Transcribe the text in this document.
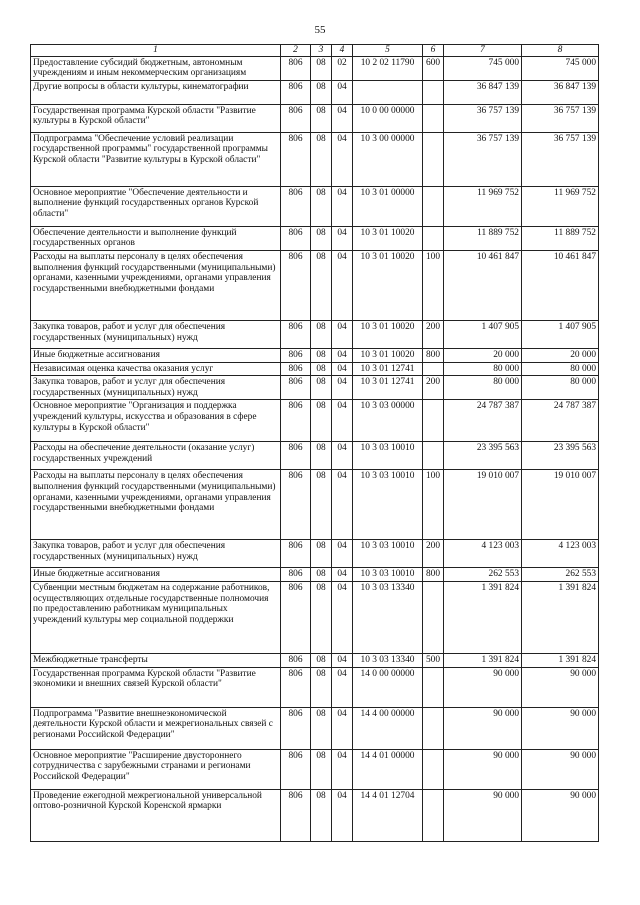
55
1	2	3	4	5	6	7	8
Предоставление субсидий бюджетным, автономным учреждениям и иным некоммерческим организациям	806	08	02	10 2 02 11790	600	745 000	745 000
Другие вопросы в области культуры, кинематографии	806	08	04			36 847 139	36 847 139
Государственная программа Курской области "Развитие культуры в Курской области"	806	08	04	10 0 00 00000		36 757 139	36 757 139
Подпрограмма "Обеспечение условий реализации государственной программы" государственной программы Курской области "Развитие культуры в Курской области"	806	08	04	10 3 00 00000		36 757 139	36 757 139
Основное мероприятие "Обеспечение деятельности и выполнение функций государственных органов Курской области"	806	08	04	10 3 01 00000		11 969 752	11 969 752
Обеспечение деятельности и выполнение функций государственных органов	806	08	04	10 3 01 10020		11 889 752	11 889 752
Расходы на выплаты персоналу в целях обеспечения выполнения функций государственными (муниципальными) органами, казенными учреждениями, органами управления государственными внебюджетными фондами	806	08	04	10 3 01 10020	100	10 461 847	10 461 847
Закупка товаров, работ и услуг для обеспечения государственных (муниципальных) нужд	806	08	04	10 3 01 10020	200	1 407 905	1 407 905
Иные бюджетные ассигнования	806	08	04	10 3 01 10020	800	20 000	20 000
Независимая оценка качества оказания услуг	806	08	04	10 3 01 12741		80 000	80 000
Закупка товаров, работ и услуг для обеспечения государственных (муниципальных) нужд	806	08	04	10 3 01 12741	200	80 000	80 000
Основное мероприятие "Организация и поддержка учреждений культуры, искусства и образования в сфере культуры в Курской области"	806	08	04	10 3 03 00000		24 787 387	24 787 387
Расходы на обеспечение деятельности (оказание услуг) государственных учреждений	806	08	04	10 3 03 10010		23 395 563	23 395 563
Расходы на выплаты персоналу в целях обеспечения выполнения функций государственными (муниципальными) органами, казенными учреждениями, органами управления государственными внебюджетными фондами	806	08	04	10 3 03 10010	100	19 010 007	19 010 007
Закупка товаров, работ и услуг для обеспечения государственных (муниципальных) нужд	806	08	04	10 3 03 10010	200	4 123 003	4 123 003
Иные бюджетные ассигнования	806	08	04	10 3 03 10010	800	262 553	262 553
Субвенции местным бюджетам на содержание работников, осуществляющих отдельные государственные полномочия по предоставлению работникам муниципальных учреждений культуры мер социальной поддержки	806	08	04	10 3 03 13340		1 391 824	1 391 824
Межбюджетные трансферты	806	08	04	10 3 03 13340	500	1 391 824	1 391 824
Государственная программа Курской области "Развитие экономики и внешних связей Курской области"	806	08	04	14 0 00 00000		90 000	90 000
Подпрограмма "Развитие внешнеэкономической деятельности Курской области и межрегиональных связей с регионами Российской Федерации"	806	08	04	14 4 00 00000		90 000	90 000
Основное мероприятие "Расширение двустороннего сотрудничества с зарубежными странами и регионами Российской Федерации"	806	08	04	14 4 01 00000		90 000	90 000
Проведение ежегодной межрегиональной универсальной оптово-розничной Курской Коренской ярмарки	806	08	04	14 4 01 12704		90 000	90 000
